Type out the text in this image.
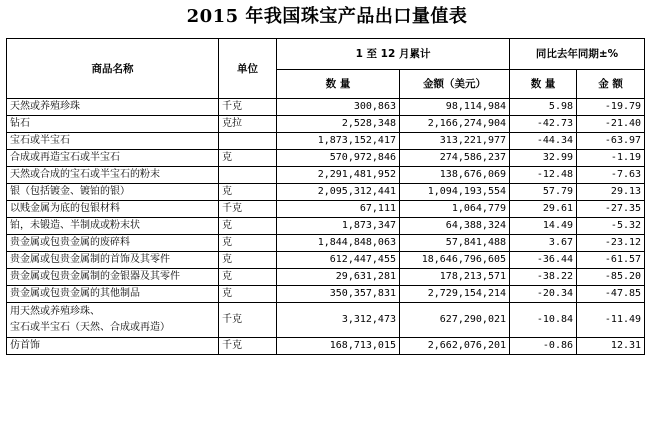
2015 年我国珠宝产品出口量值表
商品名称	单位	1 至 12 月累计		同比去年同期±%	
		数 量	金额（美元）	数 量	金 额
天然或养殖珍珠	千克	300,863	98,114,984	5.98	-19.79
钻石	克拉	2,528,348	2,166,274,904	-42.73	-21.40
宝石或半宝石		1,873,152,417	313,221,977	-44.34	-63.97
合成或再造宝石或半宝石	克	570,972,846	274,586,237	32.99	-1.19
天然或合成的宝石或半宝石的粉末		2,291,481,952	138,676,069	-12.48	-7.63
银（包括镀金、镀铂的银）	克	2,095,312,441	1,094,193,554	57.79	29.13
以贱金属为底的包银材料	千克	67,111	1,064,779	29.61	-27.35
铂，未锻造、半制成或粉末状	克	1,873,347	64,388,324	14.49	-5.32
贵金属或包贵金属的废碎料	克	1,844,848,063	57,841,488	3.67	-23.12
贵金属或包贵金属制的首饰及其零件	克	612,447,455	18,646,796,605	-36.44	-61.57
贵金属或包贵金属制的金银器及其零件	克	29,631,281	178,213,571	-38.22	-85.20
贵金属或包贵金属的其他制品	克	350,357,831	2,729,154,214	-20.34	-47.85
用天然或养殖珍珠、
宝石或半宝石（天然、合成或再造）	千克	3,312,473	627,290,021	-10.84	-11.49
仿首饰	千克	168,713,015	2,662,076,201	-0.86	12.31
